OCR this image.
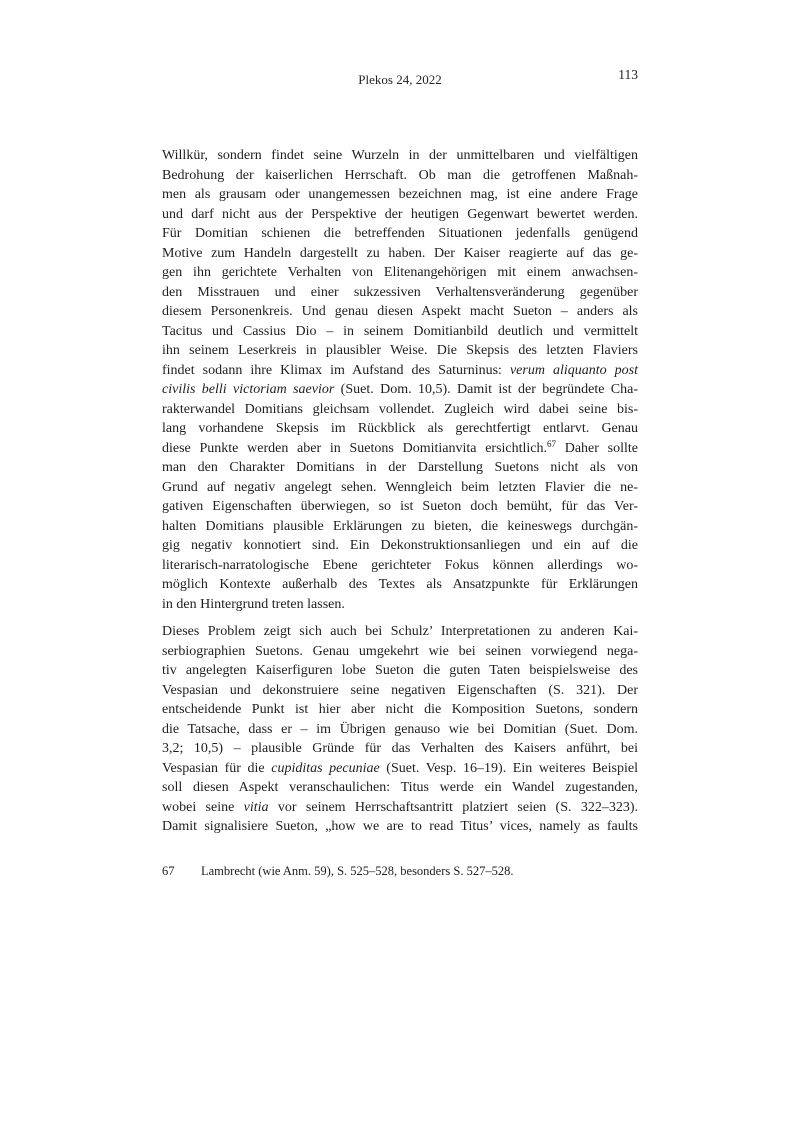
Plekos 24, 2022	113
Willkür, sondern findet seine Wurzeln in der unmittelbaren und vielfältigen
Bedrohung der kaiserlichen Herrschaft. Ob man die getroffenen Maßnah-
men als grausam oder unangemessen bezeichnen mag, ist eine andere Frage
und darf nicht aus der Perspektive der heutigen Gegenwart bewertet werden.
Für Domitian schienen die betreffenden Situationen jedenfalls genügend
Motive zum Handeln dargestellt zu haben. Der Kaiser reagierte auf das ge-
gen ihn gerichtete Verhalten von Elitenangehörigen mit einem anwachsen-
den Misstrauen und einer sukzessiven Verhaltensveränderung gegenüber
diesem Personenkreis. Und genau diesen Aspekt macht Sueton – anders als
Tacitus und Cassius Dio – in seinem Domitianbild deutlich und vermittelt
ihn seinem Leserkreis in plausibler Weise. Die Skepsis des letzten Flaviers
findet sodann ihre Klimax im Aufstand des Saturninus: verum aliquanto post
civilis belli victoriam saevior (Suet. Dom. 10,5). Damit ist der begründete Cha-
rakterwandel Domitians gleichsam vollendet. Zugleich wird dabei seine bis-
lang vorhandene Skepsis im Rückblick als gerechtfertigt entlarvt. Genau
diese Punkte werden aber in Suetons Domitianvita ersichtlich.$^{67}$ Daher sollte
man den Charakter Domitians in der Darstellung Suetons nicht als von
Grund auf negativ angelegt sehen. Wenngleich beim letzten Flavier die ne-
gativen Eigenschaften überwiegen, so ist Sueton doch bemüht, für das Ver-
halten Domitians plausible Erklärungen zu bieten, die keineswegs durchgän-
gig negativ konnotiert sind. Ein Dekonstruktionsanliegen und ein auf die
literarisch-narratologische Ebene gerichteter Fokus können allerdings wo-
möglich Kontexte außerhalb des Textes als Ansatzpunkte für Erklärungen
in den Hintergrund treten lassen.
Dieses Problem zeigt sich auch bei Schulz’ Interpretationen zu anderen Kai-
serbiographien Suetons. Genau umgekehrt wie bei seinen vorwiegend nega-
tiv angelegten Kaiserfiguren lobe Sueton die guten Taten beispielsweise des
Vespasian und dekonstruiere seine negativen Eigenschaften (S. 321). Der
entscheidende Punkt ist hier aber nicht die Komposition Suetons, sondern
die Tatsache, dass er – im Übrigen genauso wie bei Domitian (Suet. Dom.
3,2; 10,5) – plausible Gründe für das Verhalten des Kaisers anführt, bei
Vespasian für die cupiditas pecuniae (Suet. Vesp. 16–19). Ein weiteres Beispiel
soll diesen Aspekt veranschaulichen: Titus werde ein Wandel zugestanden,
wobei seine vitia vor seinem Herrschaftsantritt platziert seien (S. 322–323).
Damit signalisiere Sueton, „how we are to read Titus’ vices, namely as faults
67	Lambrecht (wie Anm. 59), S. 525–528, besonders S. 527–528.
